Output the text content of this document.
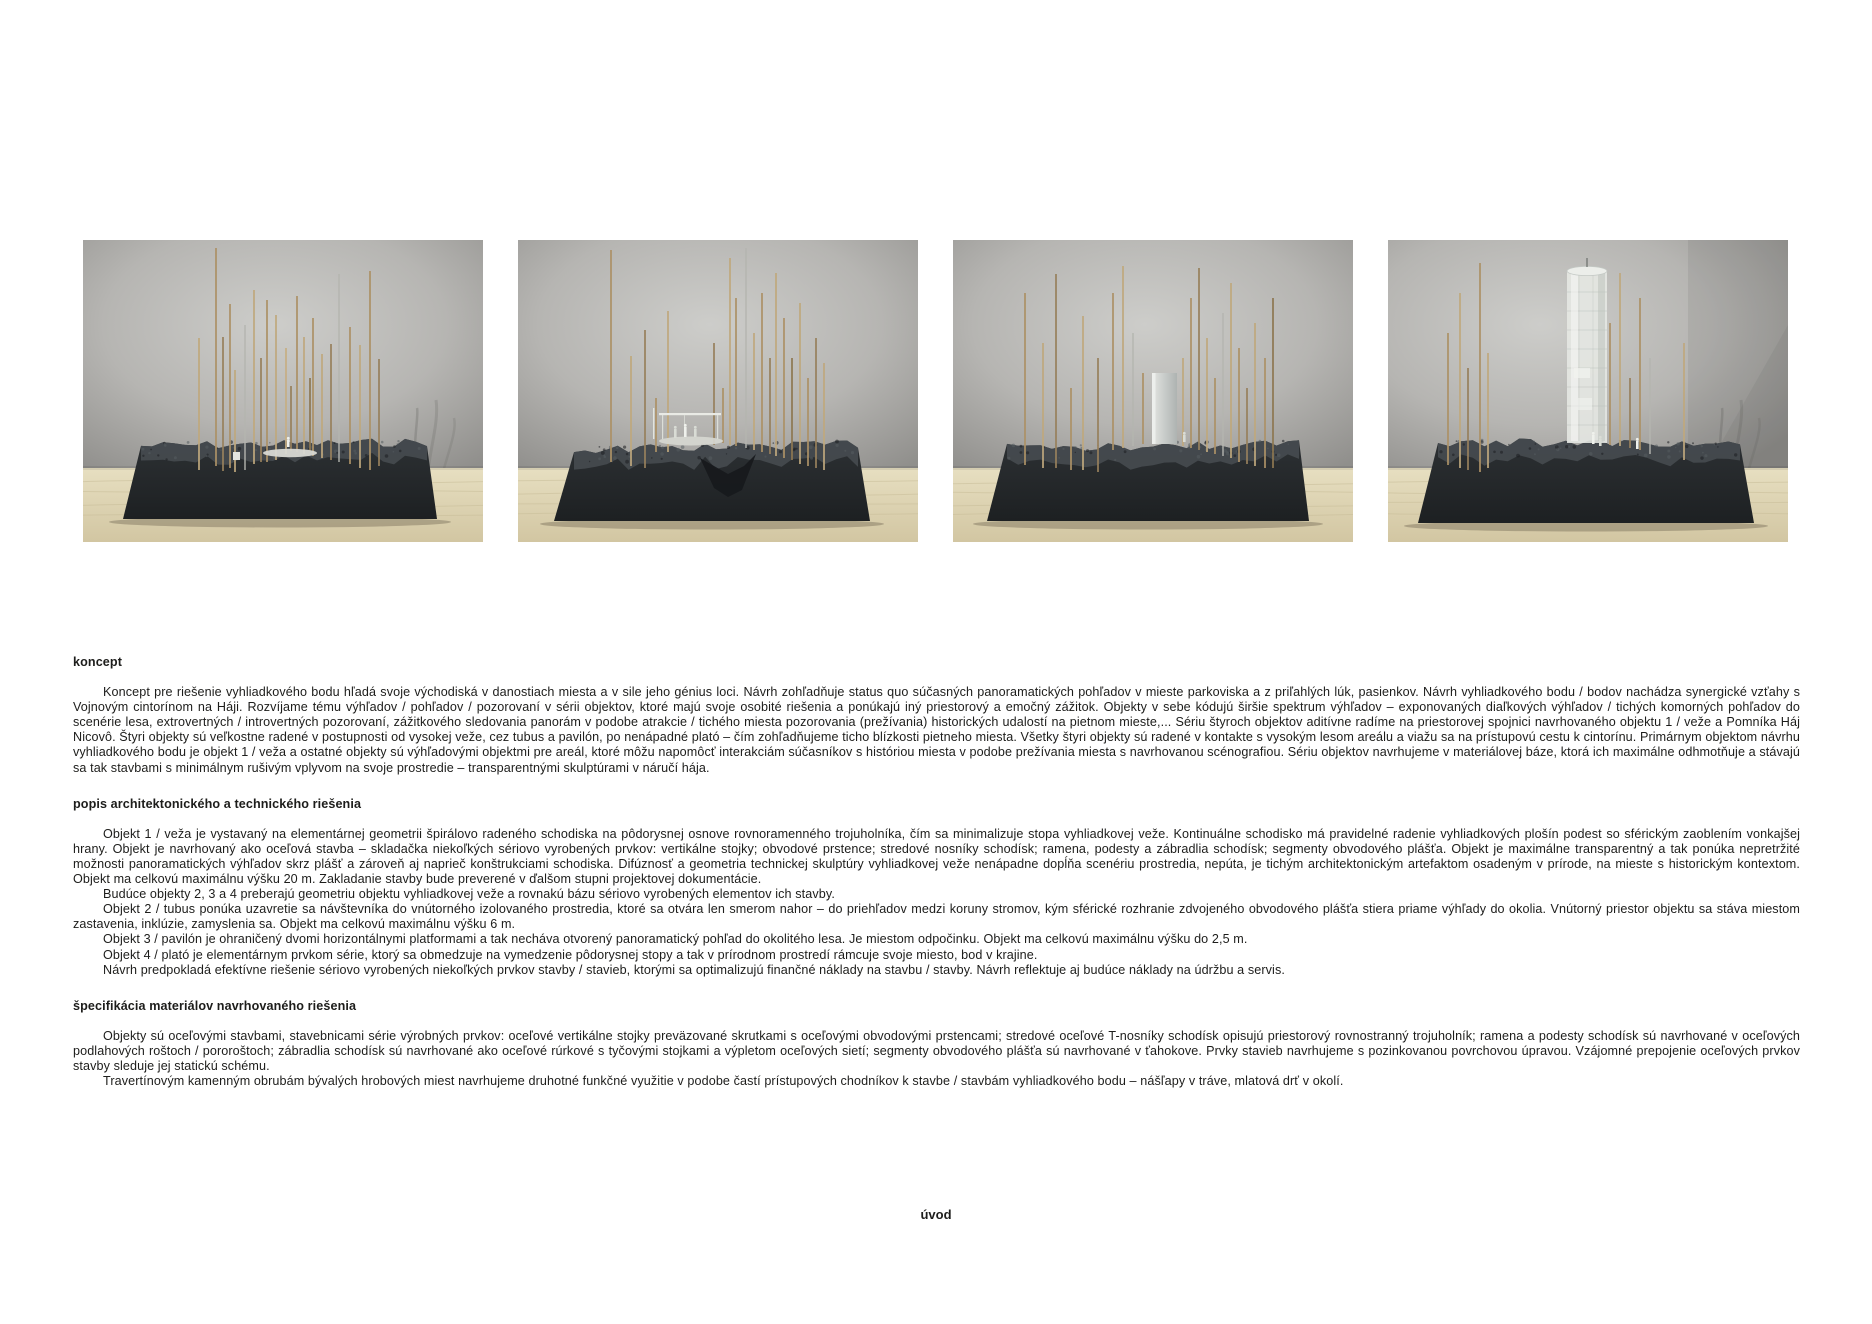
koncept

Koncept pre riešenie vyhliadkového bodu hľadá svoje východiská v danostiach miesta a v sile jeho génius loci. Návrh zohľadňuje status quo súčasných panoramatických pohľadov v mieste parkoviska a z priľahlých lúk, pasienkov. Návrh vyhliadkového bodu / bodov nachádza synergické vzťahy s Vojnovým cintorínom na Háji. Rozvíjame tému výhľadov / pohľadov / pozorovaní v sérii objektov, ktoré majú svoje osobité riešenia a ponúkajú iný priestorový a emočný zážitok. Objekty v sebe kódujú širšie spektrum výhľadov – exponovaných diaľkových výhľadov / tichých komorných pohľadov do scenérie lesa, extrovertných / introvertných pozorovaní, zážitkového sledovania panorám v podobe atrakcie / tichého miesta pozorovania (prežívania) historických udalostí na pietnom mieste,... Sériu štyroch objektov aditívne radíme na priestorovej spojnici navrhovaného objektu 1 / veže a Pomníka Háj Nicovô. Štyri objekty sú veľkostne radené v postupnosti od vysokej veže, cez tubus a pavilón, po nenápadné plató – čím zohľadňujeme ticho blízkosti pietneho miesta. Všetky štyri objekty sú radené v kontakte s vysokým lesom areálu a viažu sa na prístupovú cestu k cintorínu. Primárnym objektom návrhu vyhliadkového bodu je objekt 1 / veža a ostatné objekty sú výhľadovými objektmi pre areál, ktoré môžu napomôcť interakciám súčasníkov s históriou miesta v podobe prežívania miesta s navrhovanou scénografiou. Sériu objektov navrhujeme v materiálovej báze, ktorá ich maximálne odhmotňuje a stávajú sa tak stavbami s minimálnym rušivým vplyvom na svoje prostredie – transparentnými skulptúrami v náručí hája.

popis architektonického a technického riešenia

Objekt 1 / veža je vystavaný na elementárnej geometrii špirálovo radeného schodiska na pôdorysnej osnove rovnoramenného trojuholníka, čím sa minimalizuje stopa vyhliadkovej veže. Kontinuálne schodisko má pravidelné radenie vyhliadkových plošín podest so sférickým zaoblením vonkajšej hrany. Objekt je navrhovaný ako oceľová stavba – skladačka niekoľkých sériovo vyrobených prvkov: vertikálne stojky; obvodové prstence; stredové nosníky schodísk; ramena, podesty a zábradlia schodísk; segmenty obvodového plášťa. Objekt je maximálne transparentný a tak ponúka nepretržité možnosti panoramatických výhľadov skrz plášť a zároveň aj naprieč konštrukciami schodiska. Difúznosť a geometria technickej skulptúry vyhliadkovej veže nenápadne dopĺňa scenériu prostredia, nepúta, je tichým architektonickým artefaktom osadeným v prírode, na mieste s historickým kontextom. Objekt ma celkovú maximálnu výšku 20 m. Zakladanie stavby bude preverené v ďalšom stupni projektovej dokumentácie.

Budúce objekty 2, 3 a 4 preberajú geometriu objektu vyhliadkovej veže a rovnakú bázu sériovo vyrobených elementov ich stavby.

Objekt 2 / tubus ponúka uzavretie sa návštevníka do vnútorného izolovaného prostredia, ktoré sa otvára len smerom nahor – do priehľadov medzi koruny stromov, kým sférické rozhranie zdvojeného obvodového plášťa stiera priame výhľady do okolia. Vnútorný priestor objektu sa stáva miestom zastavenia, inklúzie, zamyslenia sa. Objekt ma celkovú maximálnu výšku 6 m.

Objekt 3 / pavilón je ohraničený dvomi horizontálnymi platformami a tak necháva otvorený panoramatický pohľad do okolitého lesa. Je miestom odpočinku. Objekt ma celkovú maximálnu výšku do 2,5 m.

Objekt 4 / plató je elementárnym prvkom série, ktorý sa obmedzuje na vymedzenie pôdorysnej stopy a tak v prírodnom prostredí rámcuje svoje miesto, bod v krajine.

Návrh predpokladá efektívne riešenie sériovo vyrobených niekoľkých prvkov stavby / stavieb, ktorými sa optimalizujú finančné náklady na stavbu / stavby. Návrh reflektuje aj budúce náklady na údržbu a servis.

špecifikácia materiálov navrhovaného riešenia

Objekty sú oceľovými stavbami, stavebnicami série výrobných prvkov: oceľové vertikálne stojky preväzované skrutkami s oceľovými obvodovými prstencami; stredové oceľové T-nosníky schodísk opisujú priestorový rovnostranný trojuholník; ramena a podesty schodísk sú navrhované v oceľových podlahových roštoch / pororoštoch; zábradlia schodísk sú navrhované ako oceľové rúrkové s tyčovými stojkami a výpletom oceľových sietí; segmenty obvodového plášťa sú navrhované v ťahokove. Prvky stavieb navrhujeme s pozinkovanou povrchovou úpravou. Vzájomné prepojenie oceľových prvkov stavby sleduje jej statickú schému.

Travertínovým kamenným obrubám bývalých hrobových miest navrhujeme druhotné funkčné využitie v podobe častí prístupových chodníkov k stavbe / stavbám vyhliadkového bodu – nášľapy v tráve, mlatová drť v okolí.

úvod
